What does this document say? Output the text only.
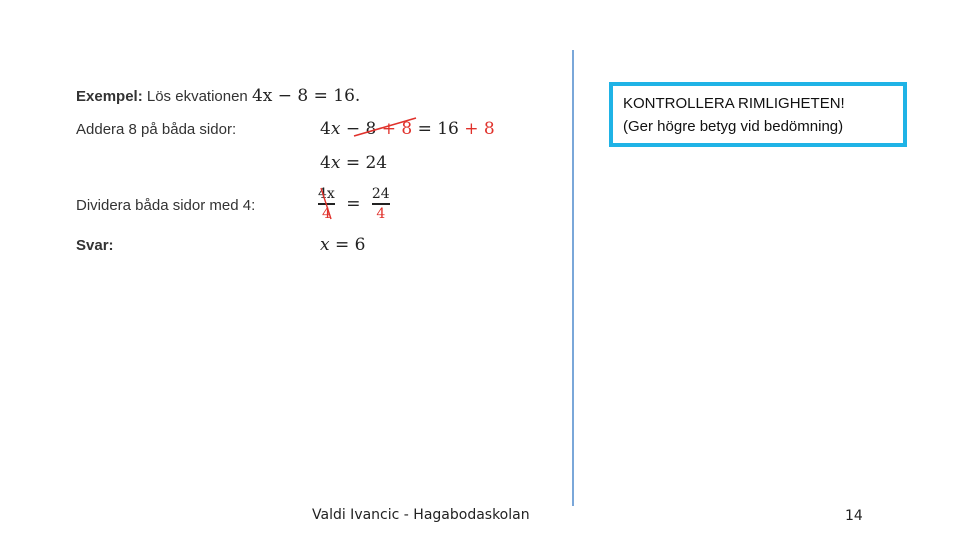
Exempel: Lös ekvationen 4x − 8 = 16.
Addera 8 på båda sidor:	4x − 8 + 8 = 16 + 8
4x = 24
Dividera båda sidor med 4:	$\frac{4x}{4} = \frac{24}{4}$
Svar:	x = 6
KONTROLLERA RIMLIGHETEN!
(Ger högre betyg vid bedömning)
Valdi Ivancic - Hagabodaskolan	14
